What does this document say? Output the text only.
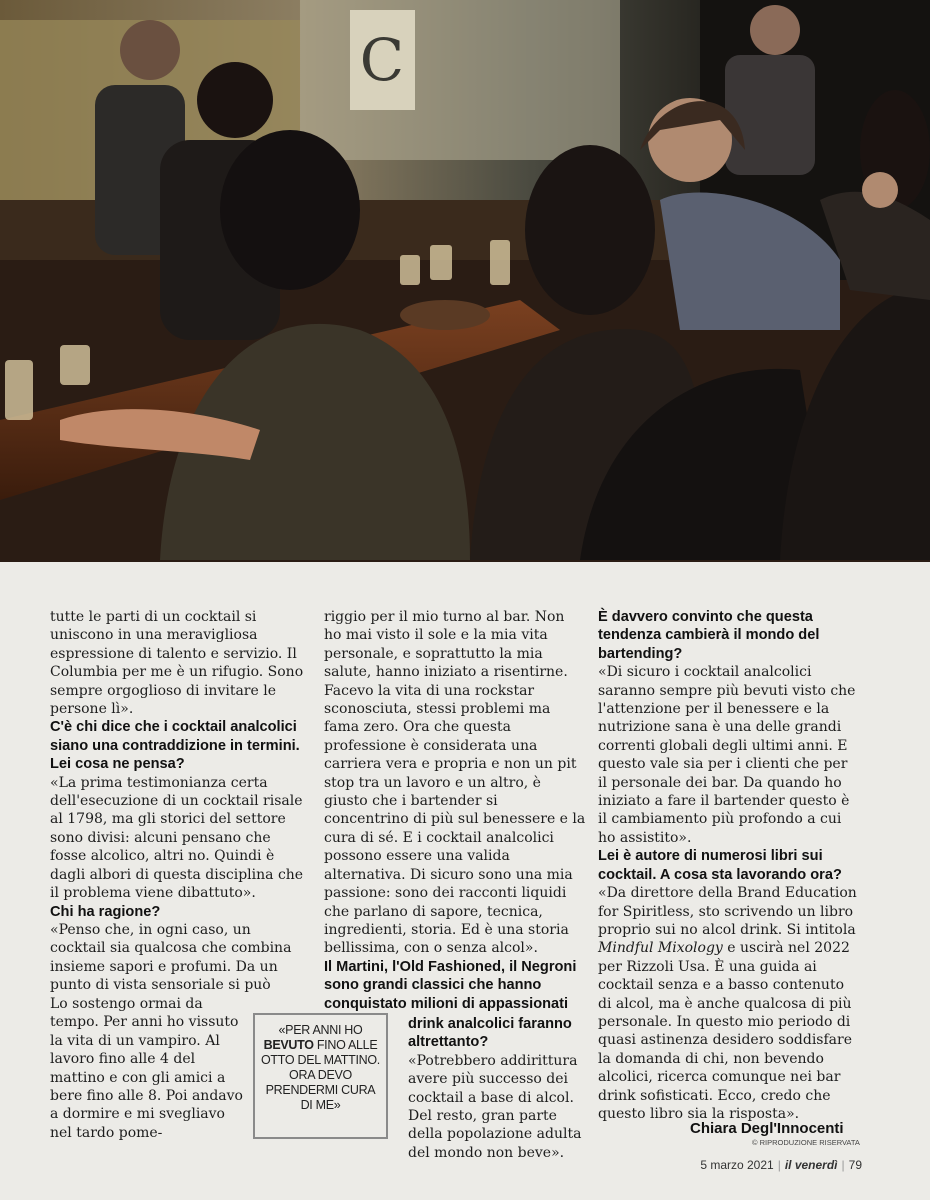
C

tutte le parti di un cocktail si uniscono in una meravigliosa espressione di talento e servizio. Il Columbia per me è un rifugio. Sono sempre orgoglioso di invitare le persone lì».

C'è chi dice che i cocktail analcolici siano una contraddizione in termini. Lei cosa ne pensa?

«La prima testimonianza certa dell'esecuzione di un cocktail risale al 1798, ma gli storici del settore sono divisi: alcuni pensano che fosse alcolico, altri no. Quindi è dagli albori di questa disciplina che il problema viene dibattuto».

Chi ha ragione?

«Penso che, in ogni caso, un cocktail sia qualcosa che combina insieme sapori e profumi. Da un punto di vista sensoriale si può

Lo sostengo ormai da tempo. Per anni ho vissuto la vita di un vampiro. Al lavoro fino alle 4 del mattino e con gli amici a bere fino alle 8. Poi andavo a dormire e mi svegliavo nel tardo pome-

«PER ANNI HO BEVUTO FINO ALLE OTTO DEL MATTINO. ORA DEVO PRENDERMI CURA DI ME»

riggio per il mio turno al bar. Non ho mai visto il sole e la mia vita personale, e soprattutto la mia salute, hanno iniziato a risentirne. Facevo la vita di una rockstar sconosciuta, stessi problemi ma fama zero. Ora che questa professione è considerata una carriera vera e propria e non un pit stop tra un lavoro e un altro, è giusto che i bartender si concentrino di più sul benessere e la cura di sé. E i cocktail analcolici possono essere una valida alternativa. Di sicuro sono una mia passione: sono dei racconti liquidi che parlano di sapore, tecnica, ingredienti, storia. Ed è una storia bellissima, con o senza alcol».

Il Martini, l'Old Fashioned, il Negroni sono grandi classici che hanno conquistato milioni di appassionati

drink analcolici faranno altrettanto?

«Potrebbero addirittura avere più successo dei cocktail a base di alcol. Del resto, gran parte della popolazione adulta del mondo non beve».

È davvero convinto che questa tendenza cambierà il mondo del bartending?

«Di sicuro i cocktail analcolici saranno sempre più bevuti visto che l'attenzione per il benessere e la nutrizione sana è una delle grandi correnti globali degli ultimi anni. E questo vale sia per i clienti che per il personale dei bar. Da quando ho iniziato a fare il bartender questo è il cambiamento più profondo a cui ho assistito».

Lei è autore di numerosi libri sui cocktail. A cosa sta lavorando ora?

«Da direttore della Brand Education for Spiritless, sto scrivendo un libro proprio sui no alcol drink. Si intitola Mindful Mixology e uscirà nel 2022 per Rizzoli Usa. È una guida ai cocktail senza e a basso contenuto di alcol, ma è anche qualcosa di più personale. In questo mio periodo di quasi astinenza desidero soddisfare la domanda di chi, non bevendo alcolici, ricerca comunque nei bar drink sofisticati. Ecco, credo che questo libro sia la risposta».

Chiara Degl'Innocenti
© RIPRODUZIONE RISERVATA
5 marzo 2021 | il venerdì | 79
